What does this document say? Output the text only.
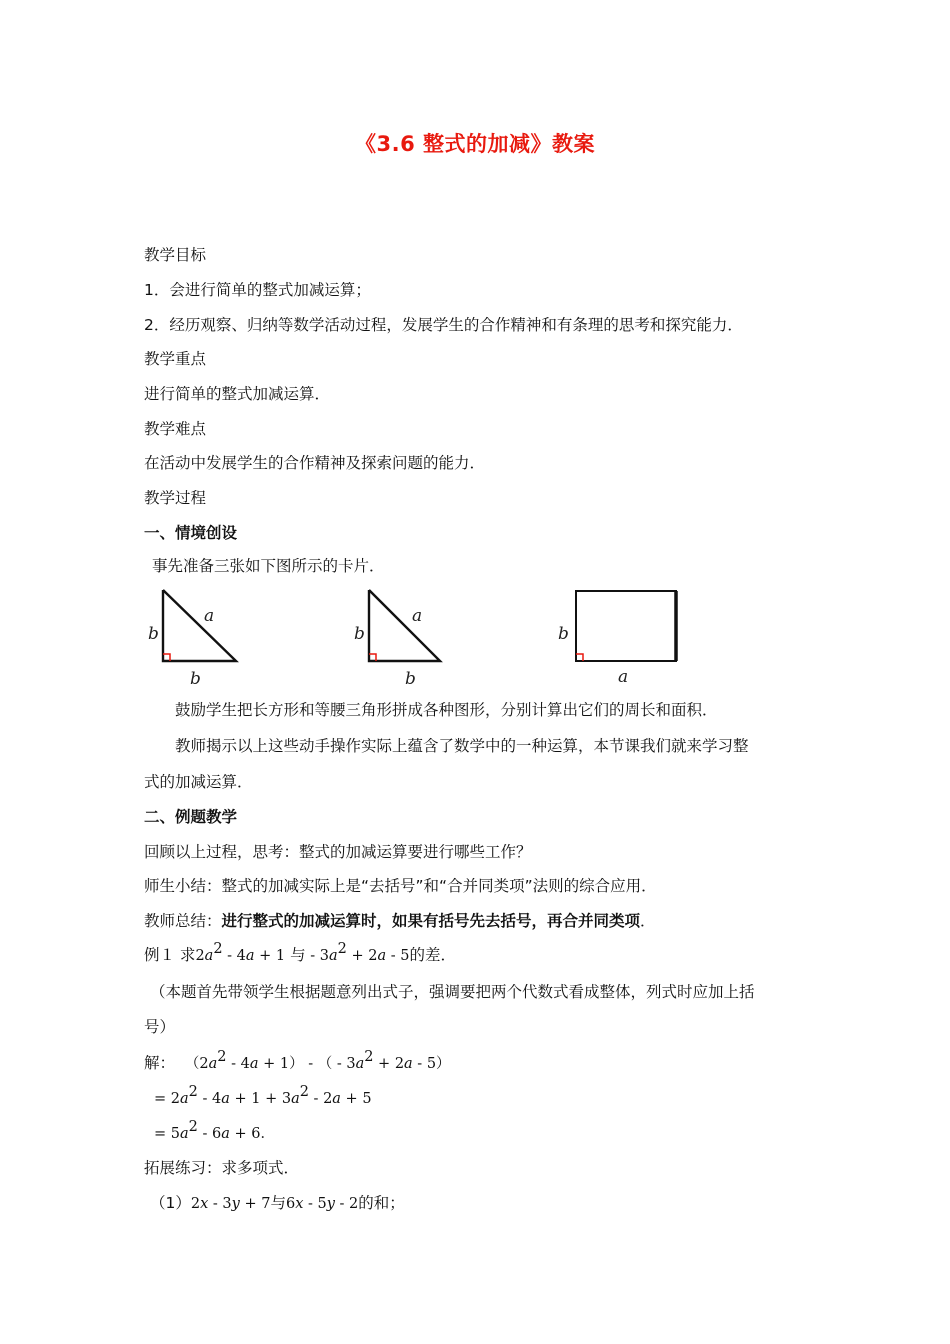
《3.6 整式的加减》教案
教学目标
1．会进行简单的整式加减运算；
2．经历观察、归纳等数学活动过程，发展学生的合作精神和有条理的思考和探究能力．
教学重点
进行简单的整式加减运算．
教学难点
在活动中发展学生的合作精神及探索问题的能力．
教学过程
一、情境创设
事先准备三张如下图所示的卡片．
a
b
b
a
b
b
b
a
鼓励学生把长方形和等腰三角形拼成各种图形，分别计算出它们的周长和面积．
教师揭示以上这些动手操作实际上蕴含了数学中的一种运算，本节课我们就来学习整
式的加减运算．
二、例题教学
回顾以上过程，思考：整式的加减运算要进行哪些工作？
师生小结：整式的加减实际上是“去括号”和“合并同类项”法则的综合应用．
教师总结：进行整式的加减运算时，如果有括号先去括号，再合并同类项．
例１ 求$2a^2 - 4a + 1$ 与 - $3a^2 + 2a - 5$的差．
（本题首先带领学生根据题意列出式子，强调要把两个代数式看成整体，列式时应加上括
号）
解： $(2a^2 - 4a + 1)$ - （ - $3a^2 + 2a - 5$）
= $2a^2 - 4a + 1 + 3a^2 - 2a + 5$
= $5a^2 - 6a + 6$．
拓展练习：求多项式．
（1）2x - 3y + 7与6x - 5y - 2的和；
